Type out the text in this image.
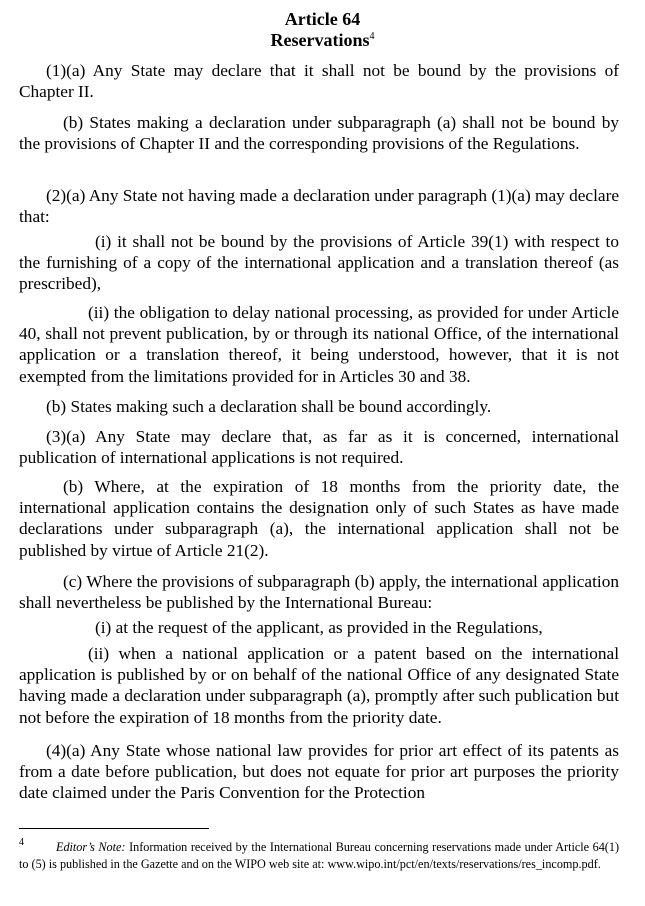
Article 64
Reservations$^4$

(1)(a) Any State may declare that it shall not be bound by the provisions of Chapter II.

(b) States making a declaration under subparagraph (a) shall not be bound by the provisions of Chapter II and the corresponding provisions of the Regulations.

(2)(a) Any State not having made a declaration under paragraph (1)(a) may declare that:

(i) it shall not be bound by the provisions of Article 39(1) with respect to the furnishing of a copy of the international application and a translation thereof (as prescribed),

(ii) the obligation to delay national processing, as provided for under Article 40, shall not prevent publication, by or through its national Office, of the international application or a translation thereof, it being understood, however, that it is not exempted from the limitations provided for in Articles 30 and 38.

(b) States making such a declaration shall be bound accordingly.

(3)(a) Any State may declare that, as far as it is concerned, international publication of international applications is not required.

(b) Where, at the expiration of 18 months from the priority date, the international application contains the designation only of such States as have made declarations under subparagraph (a), the international application shall not be published by virtue of Article 21(2).

(c) Where the provisions of subparagraph (b) apply, the international application shall nevertheless be published by the International Bureau:

(i) at the request of the applicant, as provided in the Regulations,

(ii) when a national application or a patent based on the international application is published by or on behalf of the national Office of any designated State having made a declaration under subparagraph (a), promptly after such publication but not before the expiration of 18 months from the priority date.

(4)(a) Any State whose national law provides for prior art effect of its patents as from a date before publication, but does not equate for prior art purposes the priority date claimed under the Paris Convention for the Protection

$^4$	Editor’s Note: Information received by the International Bureau concerning reservations made under Article 64(1) to (5) is published in the Gazette and on the WIPO web site at: www.wipo.int/pct/en/texts/reservations/res_incomp.pdf.
